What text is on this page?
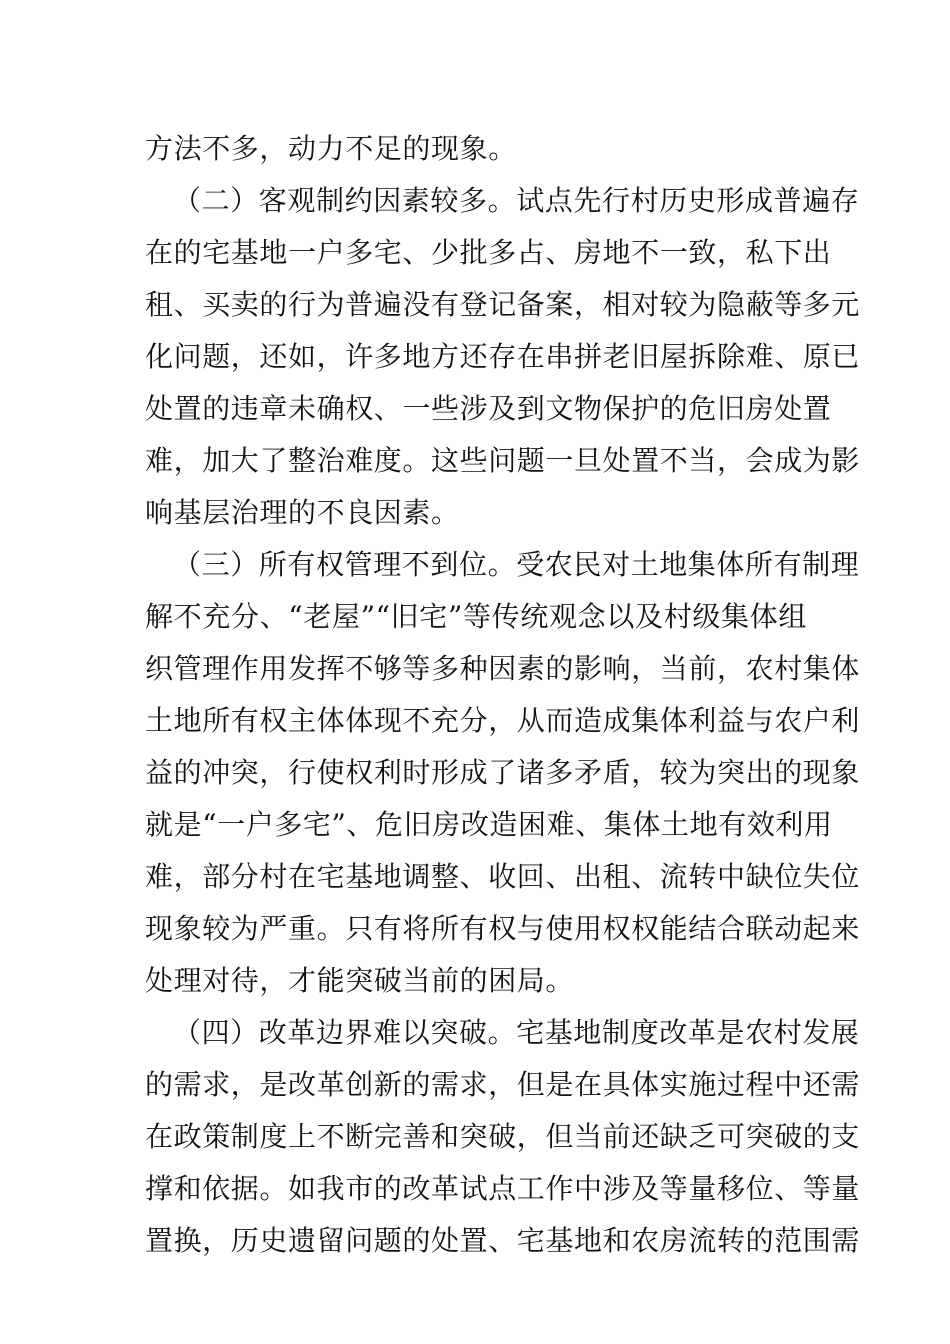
方法不多，动力不足的现象。
（二）客观制约因素较多。试点先行村历史形成普遍存
在的宅基地一户多宅、少批多占、房地不一致，私下出
租、买卖的行为普遍没有登记备案，相对较为隐蔽等多元
化问题，还如，许多地方还存在串拼老旧屋拆除难、原已
处置的违章未确权、一些涉及到文物保护的危旧房处置
难，加大了整治难度。这些问题一旦处置不当，会成为影
响基层治理的不良因素。
（三）所有权管理不到位。受农民对土地集体所有制理
解不充分、“老屋”“旧宅”等传统观念以及村级集体组
织管理作用发挥不够等多种因素的影响，当前，农村集体
土地所有权主体体现不充分，从而造成集体利益与农户利
益的冲突，行使权利时形成了诸多矛盾，较为突出的现象
就是“一户多宅”、危旧房改造困难、集体土地有效利用
难，部分村在宅基地调整、收回、出租、流转中缺位失位
现象较为严重。只有将所有权与使用权权能结合联动起来
处理对待，才能突破当前的困局。
（四）改革边界难以突破。宅基地制度改革是农村发展
的需求，是改革创新的需求，但是在具体实施过程中还需
在政策制度上不断完善和突破，但当前还缺乏可突破的支
撑和依据。如我市的改革试点工作中涉及等量移位、等量
置换，历史遗留问题的处置、宅基地和农房流转的范围需
